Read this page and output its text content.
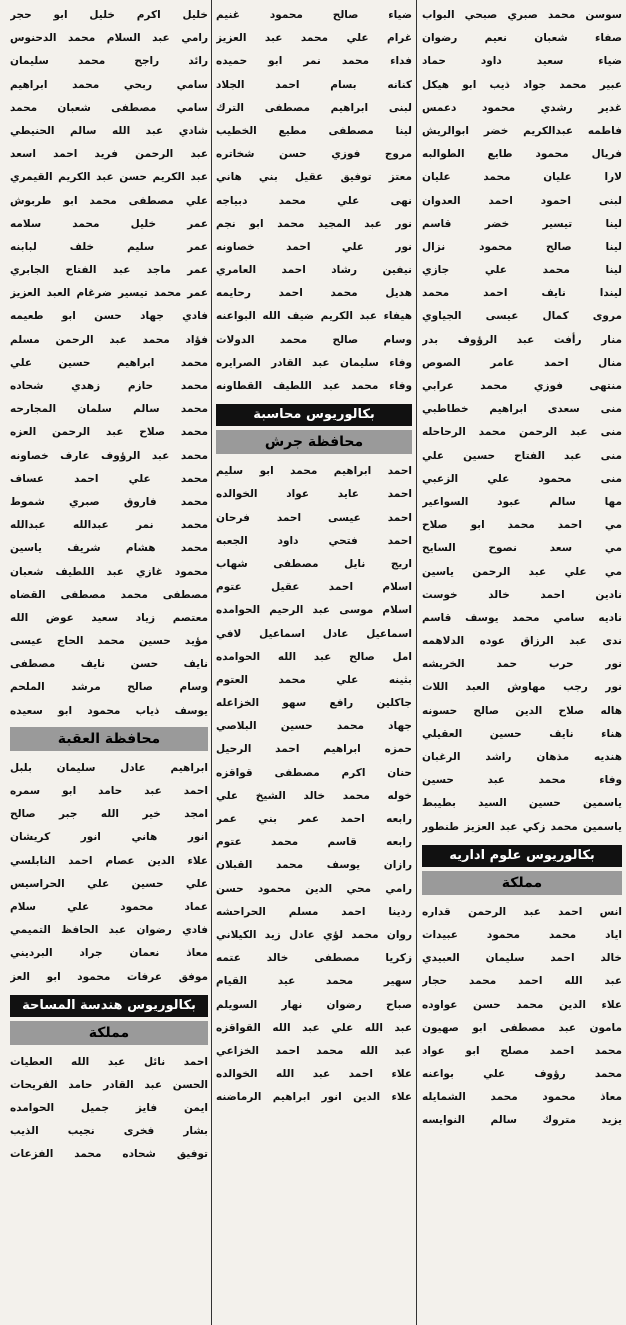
سوسن محمد صبري صبحي البواب
صفاء شعبان نعيم رضوان
ضياء سعيد داود حماد
عبير محمد جواد ذيب ابو هيكل
غدير رشدي محمود دعمس
فاطمه عبدالكريم خضر ابوالريش
فريال محمود طايع الطوالبه
لارا عليان محمد عليان
لبنى احمود احمد العدوان
لينا تيسير خضر قاسم
لينا صالح محمود نزال
لينا محمد علي جازي
ليندا نايف احمد محمد
مروى كمال عيسى الجياوي
منار رأفت عبد الرؤوف بدر
منال احمد عامر الصوص
منتهى فوزي محمد عرابي
منى سعدى ابراهيم خطاطبي
منى عبد الرحمن محمد الرحاحله
منى عبد الفتاح حسين علي
منى محمود علي الزعبي
مها سالم عبود السواعير
مي احمد محمد ابو صلاح
مي سعد نصوح السايح
مي علي عبد الرحمن ياسين
نادين احمد خالد خوست
ناديه سامي محمد يوسف قاسم
ندى عبد الرزاق عوده الدلاهمه
نور حرب حمد الخريشه
نور رجب مهاوش العبد اللات
هاله صلاح الدين صالح حسونه
هناء نايف حسين العقيلي
هنديه مذهان راشد الرغبان
وفاء محمد عبد حسين
ياسمين حسين السيد بطيبط
ياسمين محمد زكي عبد العزيز طنطور
بكالوريوس علوم اداريه
مملكة
انس احمد عبد الرحمن قداره
اياد محمد محمود عبيدات
خالد احمد سليمان العبيدي
عبد الله احمد محمد حجار
علاء الدين محمد حسن عواوده
مامون عبد مصطفى ابو صهيون
محمد احمد مصلح ابو عواد
محمد رؤوف علي بواعنه
معاذ محمود محمد الشمايله
يزيد متروك سالم النوايسه
ضياء صالح محمود غنيم
غرام علي محمد عبد العزيز
فداء محمد نمر ابو حميده
كنانه بسام احمد الجلاد
لبنى ابراهيم مصطفى الترك
لينا مصطفى مطيع الخطيب
مروج فوزي حسن شخاتره
معتز توفيق عقيل بني هاني
نهى علي محمد دبياجه
نور عبد المجيد محمد ابو نجم
نور علي احمد خصاونه
نيفين رشاد احمد العامري
هديل محمد احمد رحايمه
هيفاء عبد الكريم ضيف الله البواعنه
وسام صالح محمد الدولات
وفاء سليمان عبد القادر الصرايره
وفاء محمد عبد اللطيف القطاونه
بكالوريوس محاسبة
محافظة جرش
احمد ابراهيم محمد ابو سليم
احمد عايد عواد الخوالده
احمد عيسى احمد فرحان
احمد فتحي داود الجعبه
اريج نايل مصطفى شهاب
اسلام احمد عقيل عتوم
اسلام موسى عبد الرحيم الحوامده
اسماعيل عادل اسماعيل لافي
امل صالح عبد الله الحوامده
بثينه علي محمد العتوم
جاكلين رافع سهو الخزاعله
جهاد محمد حسين البلاصي
حمزه ابراهيم احمد الرحيل
حنان اكرم مصطفى قواقزه
خوله محمد خالد الشيخ علي
رابعه احمد عمر بني عمر
رابعه قاسم محمد عتوم
رازان يوسف محمد القبلان
رامي محي الدين محمود حسن
ردينا احمد مسلم الحراحشه
روان محمد لؤي عادل زيد الكيلاني
زكريا مصطفى خالد عتمه
سهير محمد عيد القيام
صباح رضوان نهار السويلم
عبد الله علي عبد الله القواقزه
عبد الله محمد احمد الخزاعي
علاء احمد عبد الله الخوالده
علاء الدين انور ابراهيم الرماضنه
خليل اكرم خليل ابو حجر
رامي عبد السلام محمد الدحنوس
رائد راجح محمد سليمان
سامي ربحي محمد ابراهيم
سامي مصطفى شعبان محمد
شادي عبد الله سالم الحنيطي
عبد الرحمن فريد احمد اسعد
عبد الكريم حسن عبد الكريم القيمري
علي مصطفى محمد ابو طربوش
عمر خليل محمد سلامه
عمر سليم خلف لبابنه
عمر ماجد عبد الفتاح الجابري
عمر محمد تيسير ضرغام العبد العزيز
فادي جهاد حسن ابو طعيمه
فؤاد محمد عبد الرحمن مسلم
محمد ابراهيم حسين علي
محمد حازم زهدي شحاده
محمد سالم سلمان المجارحه
محمد صلاح عبد الرحمن العزه
محمد عبد الرؤوف عارف خصاونه
محمد علي احمد عساف
محمد فاروق صبري شموط
محمد نمر عبدالله عبدالله
محمد هشام شريف ياسين
محمود غازي عبد اللطيف شعبان
مصطفى محمد مصطفى القضاه
معتصم زياد سعيد عوض الله
مؤيد حسين محمد الحاج عيسى
نايف حسن نايف مصطفى
وسام صالح مرشد الملحم
يوسف ذياب محمود ابو سعيده
محافظة العقبة
ابراهيم عادل سليمان بلبل
احمد عبد حامد ابو سمره
امجد خير الله جبر صالح
انور هاني انور كريشان
علاء الدين عصام احمد النابلسي
علي حسين علي الحراسيس
عماد محمود علي سلام
فادي رضوان عبد الحافظ التميمي
معاذ نعمان جراد البرديني
موفق عرفات محمود ابو العز
بكالوريوس هندسة المساحة
مملكة
احمد نائل عبد الله العطيات
الحسن عبد القادر حامد الفريحات
ايمن فايز جميل الحوامده
بشار فخرى نجيب الذيب
توفيق شحاده محمد الفزعات
